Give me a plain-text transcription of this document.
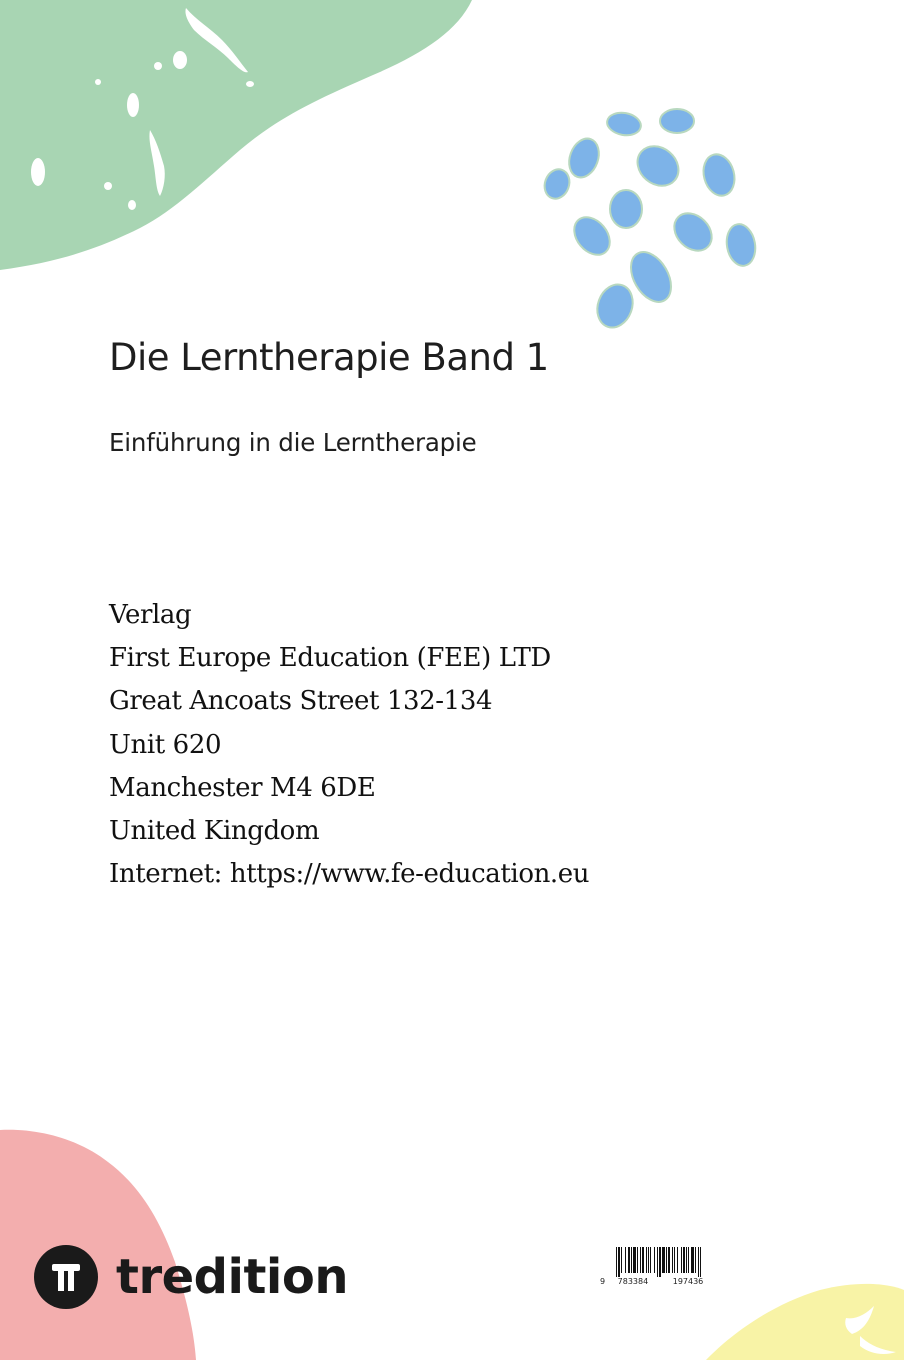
Die Lerntherapie Band 1
Einführung in die Lerntherapie
Verlag
First Europe Education (FEE) LTD
Great Ancoats Street 132-134
Unit 620
Manchester M4 6DE
United Kingdom
Internet: https://www.fe-education.eu
tredition	9 783384	197436
